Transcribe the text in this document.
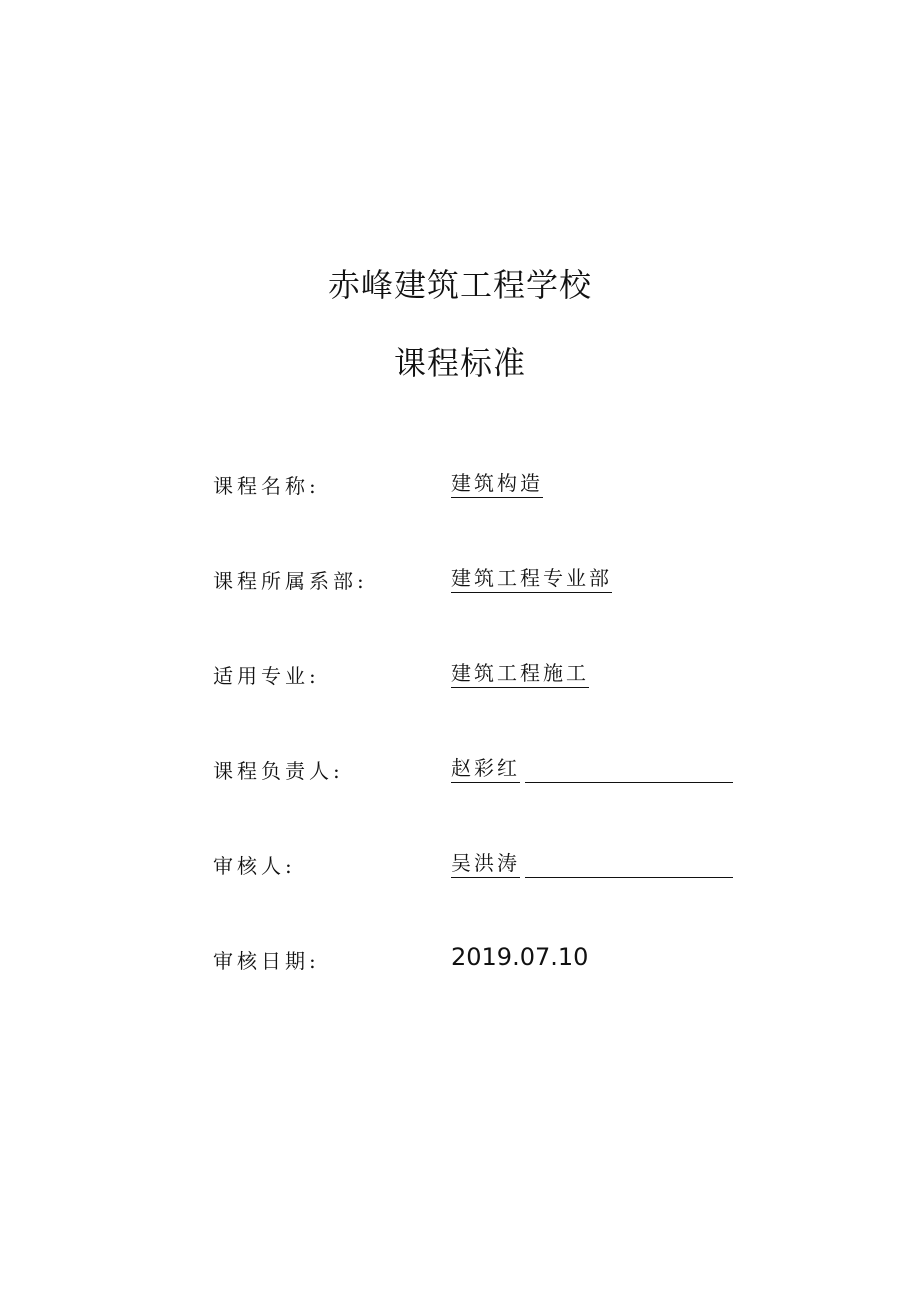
赤峰建筑工程学校
课程标准
课程名称:	建筑构造
课程所属系部:	建筑工程专业部
适用专业:	建筑工程施工
课程负责人:	赵彩红
审核人:	吴洪涛
审核日期:	2019.07.10
